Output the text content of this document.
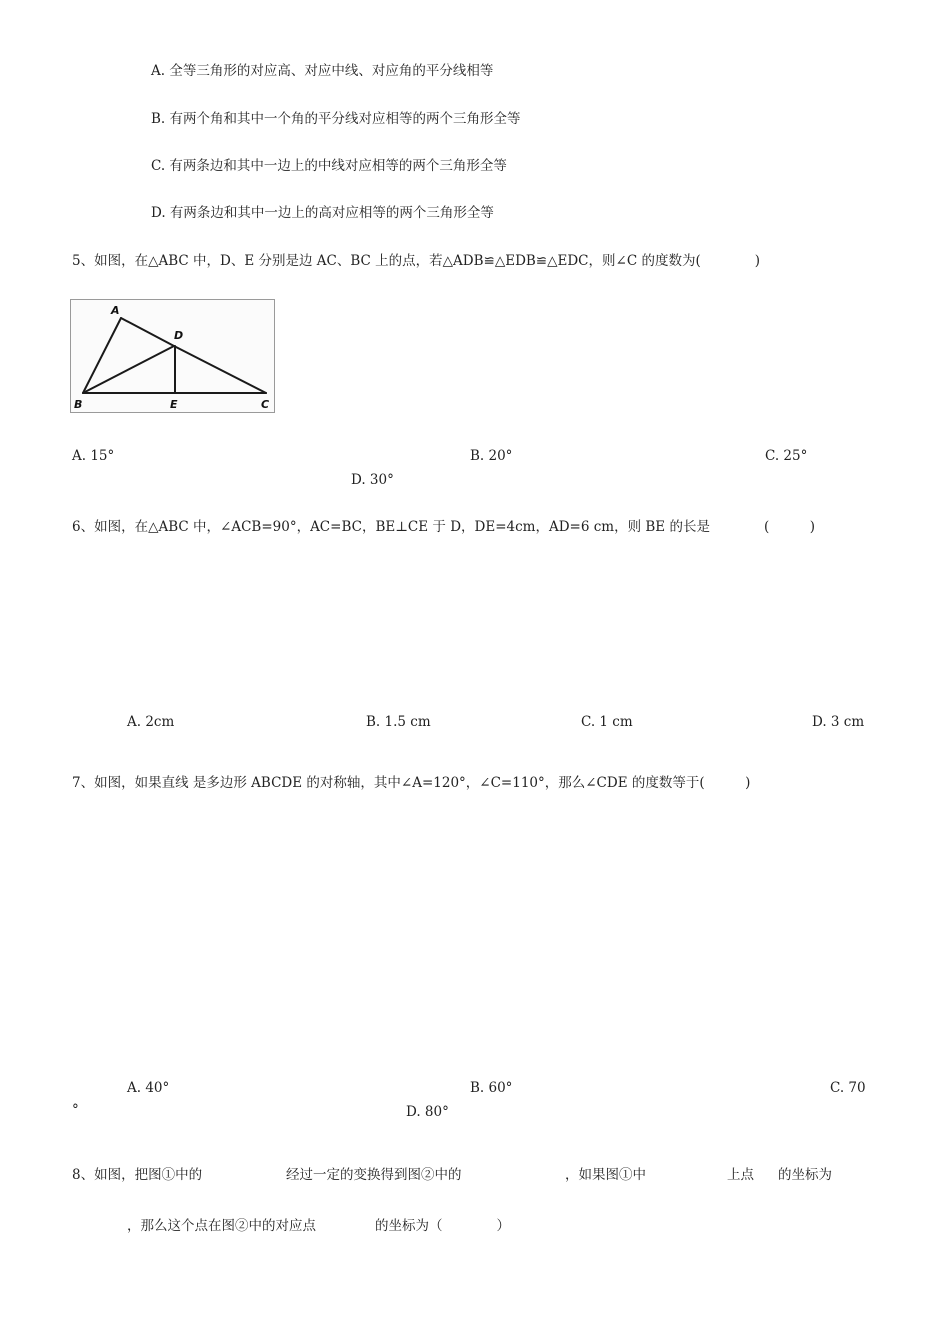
A. 全等三角形的对应高、对应中线、对应角的平分线相等
B. 有两个角和其中一个角的平分线对应相等的两个三角形全等
C. 有两条边和其中一边上的中线对应相等的两个三角形全等
D. 有两条边和其中一边上的高对应相等的两个三角形全等
5、如图，在△ABC 中，D、E 分别是边 AC、BC 上的点，若△ADB≌△EDB≌△EDC，则∠C 的度数为(　　　　)
A
D
B	E	C
A. 15°	B. 20°	C. 25°
D. 30°
6、如图，在△ABC 中，∠ACB=90°，AC=BC，BE⊥CE 于 D，DE=4cm，AD=6 cm，则 BE 的长是	(　　　)
A. 2cm	B. 1.5 cm	C. 1 cm	D. 3 cm
7、如图，如果直线 是多边形 ABCDE 的对称轴，其中∠A=120°，∠C=110°，那么∠CDE 的度数等于(　　　)
A. 40°	B. 60°	C. 70
°	D. 80°
8、如图，把图①中的	经过一定的变换得到图②中的	，如果图①中	上点 的坐标为
，那么这个点在图②中的对应点	的坐标为（　　　　）
